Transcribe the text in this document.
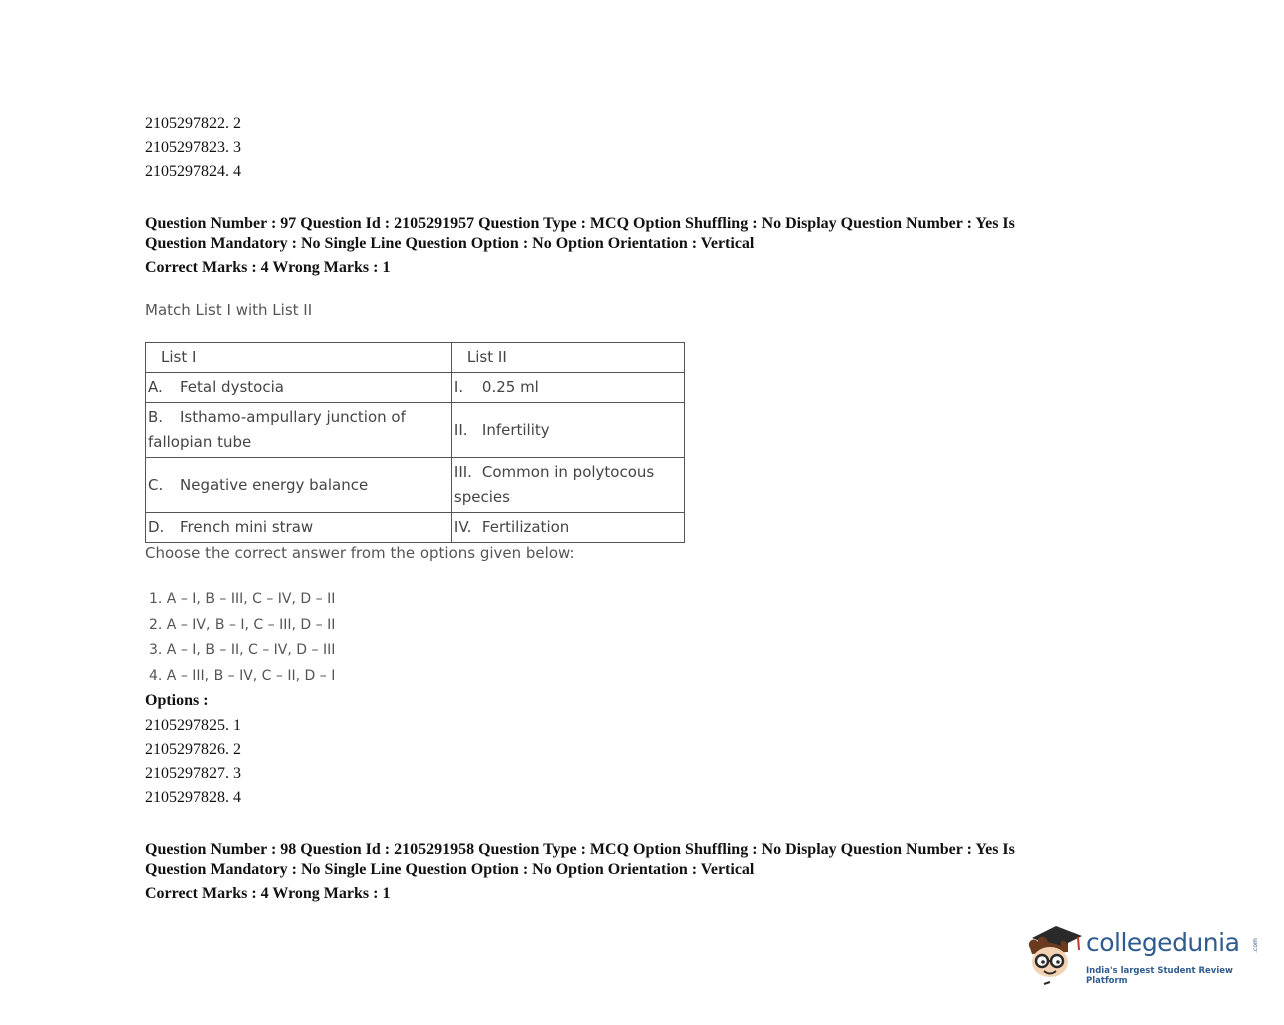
2105297822. 2
2105297823. 3
2105297824. 4
Question Number : 97 Question Id : 2105291957 Question Type : MCQ Option Shuffling : No Display Question Number : Yes Is
Question Mandatory : No Single Line Question Option : No Option Orientation : Vertical
Correct Marks : 4 Wrong Marks : 1
Match List I with List II
List I	List II
A. Fetal dystocia	I. 0.25 ml
B. Isthamo-ampullary junction of fallopian tube	II. Infertility
C. Negative energy balance	III. Common in polytocous species
D. French mini straw	IV. Fertilization
Choose the correct answer from the options given below:
1. A – I, B – III, C – IV, D – II
2. A – IV, B – I, C – III, D – II
3. A – I, B – II, C – IV, D – III
4. A – III, B – IV, C – II, D – I
Options :
2105297825. 1
2105297826. 2
2105297827. 3
2105297828. 4
Question Number : 98 Question Id : 2105291958 Question Type : MCQ Option Shuffling : No Display Question Number : Yes Is
Question Mandatory : No Single Line Question Option : No Option Orientation : Vertical
Correct Marks : 4 Wrong Marks : 1
collegedunia .com
India's largest Student Review Platform
